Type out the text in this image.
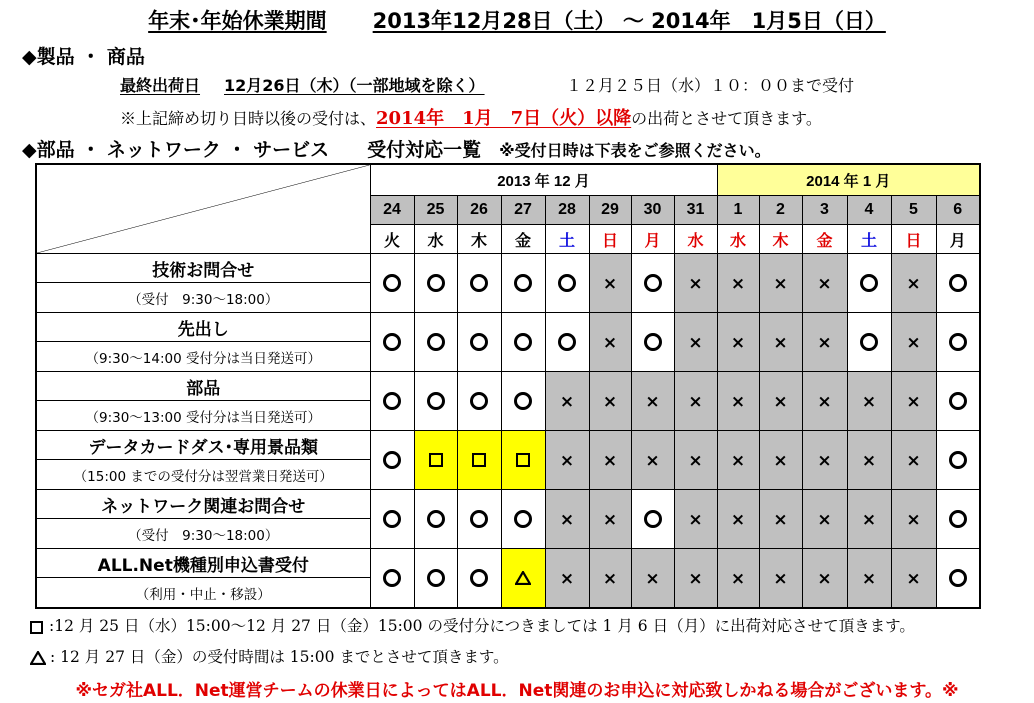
年末･年始休業期間 2013年12月28日（土） ～ 2014年　1月5日（日）
◆製品 ・ 商品
最終出荷日 12月26日（木）（一部地域を除く）	１２月２５日（水）１０：００まで受付
※上記締め切り日時以後の受付は、2014年　1月　7日（火）以降の出荷とさせて頂きます。
◆部品 ・ ネットワーク ・ サービス　　受付対応一覧 ※受付日時は下表をご参照ください。
	2013 年 12 月								2014 年 1 月					
	24	25	26	27	28	29	30	31	1	2	3	4	5	6
	火	水	木	金	土	日	月	水	水	木	金	土	日	月
技術お問合せ						×		×	×	×	×		×	
（受付　9:30～18:00）														
先出し						×		×	×	×	×		×	
（9:30～14:00 受付分は当日発送可）														
部品					×	×	×	×	×	×	×	×	×	
（9:30～13:00 受付分は当日発送可）														
データカードダス･専用景品類					×	×	×	×	×	×	×	×	×	
（15:00 までの受付分は翌営業日発送可）														
ネットワーク関連お問合せ					×	×		×	×	×	×	×	×	
（受付　9:30～18:00）														
ALL.Net機種別申込書受付					×	×	×	×	×	×	×	×	×	
（利用・中止・移設）														
:12 月 25 日（水）15:00～12 月 27 日（金）15:00 の受付分につきましては 1 月 6 日（月）に出荷対応させて頂きます。
: 12 月 27 日（金）の受付時間は 15:00 までとさせて頂きます。
※セガ社ALL．Net運営チームの休業日によってはALL．Net関連のお申込に対応致しかねる場合がございます。※
